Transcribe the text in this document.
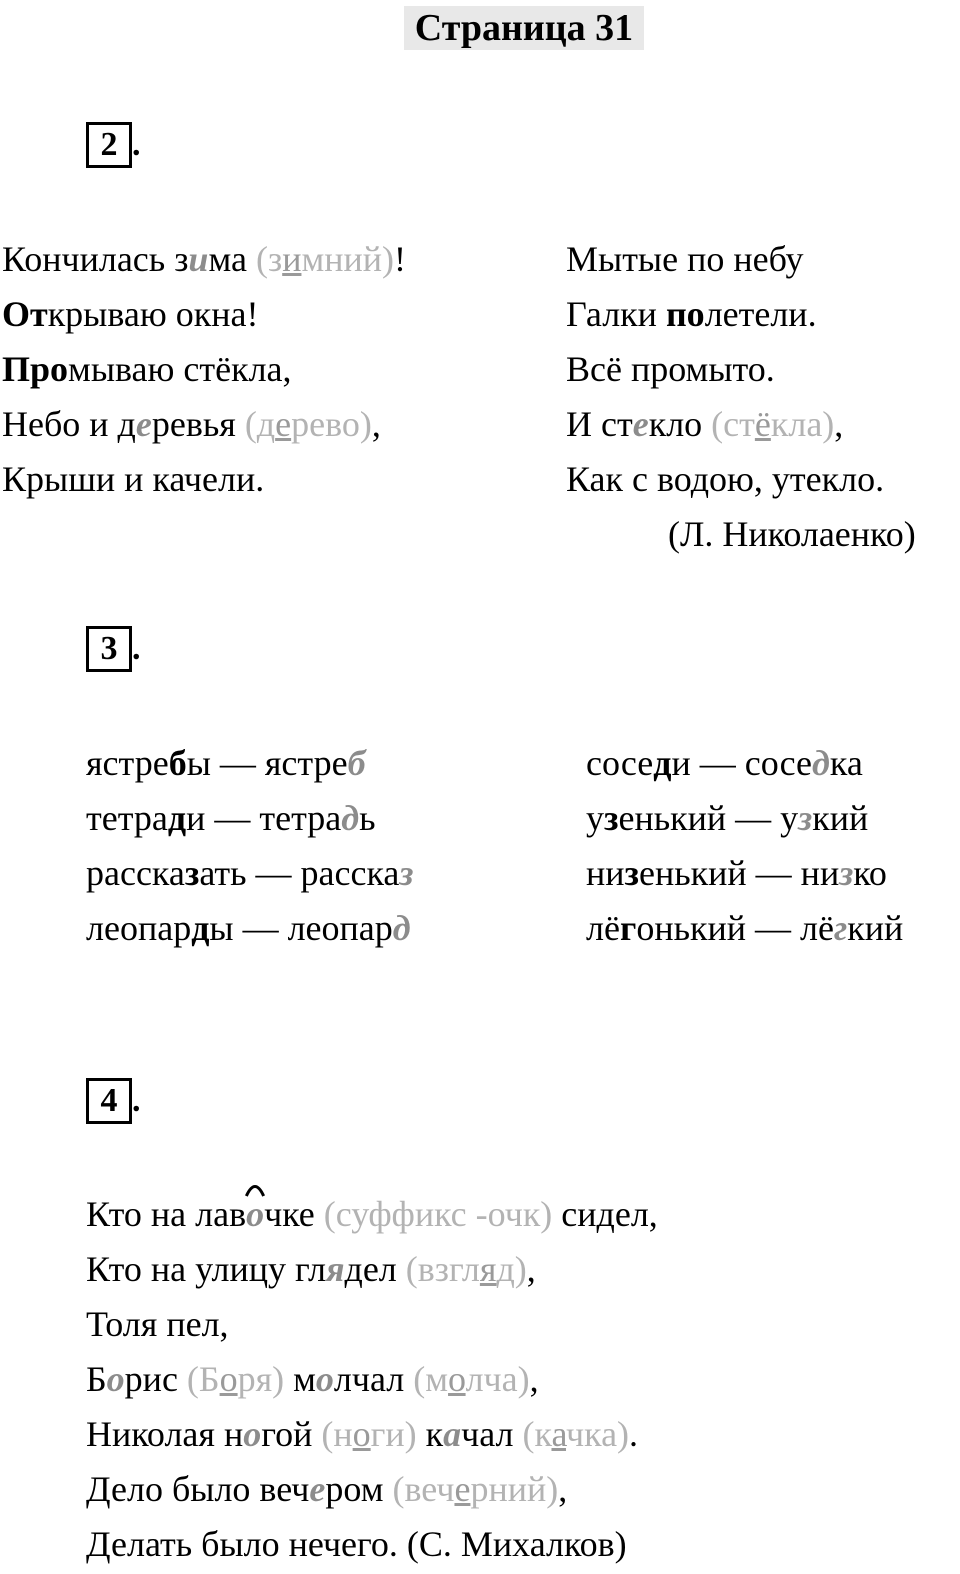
Страница 31
2 .
Кончилась зима (зимний)!
Открываю окна!
Промываю стёкла,
Небо и деревья (дерево),
Крыши и качели.
Мытые по небу
Галки полетели.
Всё промыто.
И стекло (стёкла),
Как с водою, утекло.
(Л. Николаенко)
3 .
ястребы — ястреб
тетради — тетрадь
рассказать — рассказ
леопарды — леопард
соседи — соседка
узенький — узкий
низенький — низко
лёгонький — лёгкий
4 .
Кто на лав
очке (суффикс -очк) сидел,
Кто на улицу глядел (взгляд),
Толя пел,
Борис (Боря) молчал (молча),
Николая ногой (ноги) качал (качка).
Дело было вечером (вечерний),
Делать было нечего. (С. Михалков)
